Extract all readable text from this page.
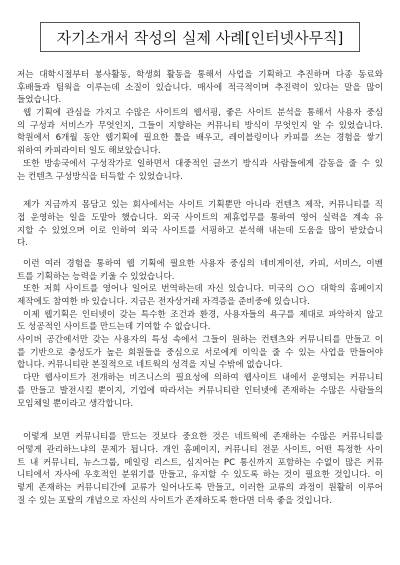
자기소개서 작성의 실제 사례[인터넷사무직]
저는 대학시절부터 봉사활동, 학생회 활동을 통해서 사업을 기획하고 추진하며 다종 동료와
후배들과 팀웍을 이루는데 소질이 있습니다. 매사에 적극적이며 추진력이 있다는 말을 많이
들었습니다.
웹 기획에 관심을 가지고 수많은 사이트의 웹서핑, 좋은 사이트 분석을 통해서 사용자 중심
의 구성과 서비스가 무엇인지, 그들이 지향하는 커뮤니티 방식이 무엇인지 알 수 있었습니다.
학원에서 6개월 동안 웹기획에 필요한 툴을 배우고, 레이블링이나 카피를 쓰는 경험을 쌓기
위하여 카피라이터 일도 해보았습니다.
또한 방송국에서 구성작가로 일하면서 대중적인 글쓰기 방식과 사람들에게 감동을 줄 수 있
는 컨텐츠 구성방식을 터득할 수 있었습니다.
제가 지금까지 몸담고 있는 회사에서는 사이트 기획뿐만 아니라 컨텐츠 제작, 커뮤니티를 직
접 운영하는 일을 도맡아 했습니다. 외국 사이트의 제휴업무를 통하여 영어 실력을 계속 유
지할 수 있었으며 이로 인하여 외국 사이트를 서핑하고 분석해 내는데 도움을 많이 받았습니
다.
이런 여러 경험을 통하여 웹 기획에 필요한 사용자 중심의 네비게이션, 카피, 서비스, 이벤
트를 기획하는 능력을 키울 수 있었습니다.
또한 저희 사이트를 영어나 일어로 번역하는데 자신 있습니다. 미국의 ○○ 대학의 홈페이지
제작에도 참여한 바 있습니다. 지금은 전자상거래 자격증을 준비중에 있습니다.
이제 웹기획은 인터넷이 갖는 특수한 조건과 환경, 사용자들의 욕구를 제대로 파악하지 않고
도 성공적인 사이트를 만드는데 기여할 수 없습니다.
사이버 공간에서만 갖는 사용자의 특성 속에서 그들이 원하는 컨텐츠와 커뮤니티를 만들고 이
를 기반으로 충성도가 높은 회원들을 중심으로 서로에게 이익을 줄 수 있는 사업을 만들어야
합니다. 커뮤니티란 본질적으로 네트웍의 성격을 지닐 수밖에 없습니다.
다만 웹사이트가 전개하는 비즈니스의 필요성에 의하여 웹사이트 내에서 운영되는 커뮤니티
를 만들고 발전시킬 뿐이지, 기업에 따라서는 커뮤니티란 인터넷에 존재하는 수많은 사람들의
모임체일 뿐이라고 생각합니다.
이렇게 보면 커뮤니티를 만드는 것보다 중요한 것은 네트웍에 존재하는 수많은 커뮤니티를
어떻게 관리하느냐의 문제가 됩니다. 개인 홈페이지, 커뮤니티 전문 사이트, 어떤 특정한 사이
트 내 커뮤니티, 뉴스그룹, 메일링 리스트, 심지어는 PC 통신까지 포함하는 수없이 많은 커뮤
니티에서 자사에 우호적인 분위기를 만들고, 유지할 수 있도록 하는 것이 필요한 것입니다. 이
렇게 존재하는 커뮤니티간에 교류가 일어나도록 만들고, 이러한 교류의 과정이 원활히 이루어
질 수 있는 포탈의 개념으로 자신의 사이트가 존재하도록 한다면 더욱 좋을 것입니다.
